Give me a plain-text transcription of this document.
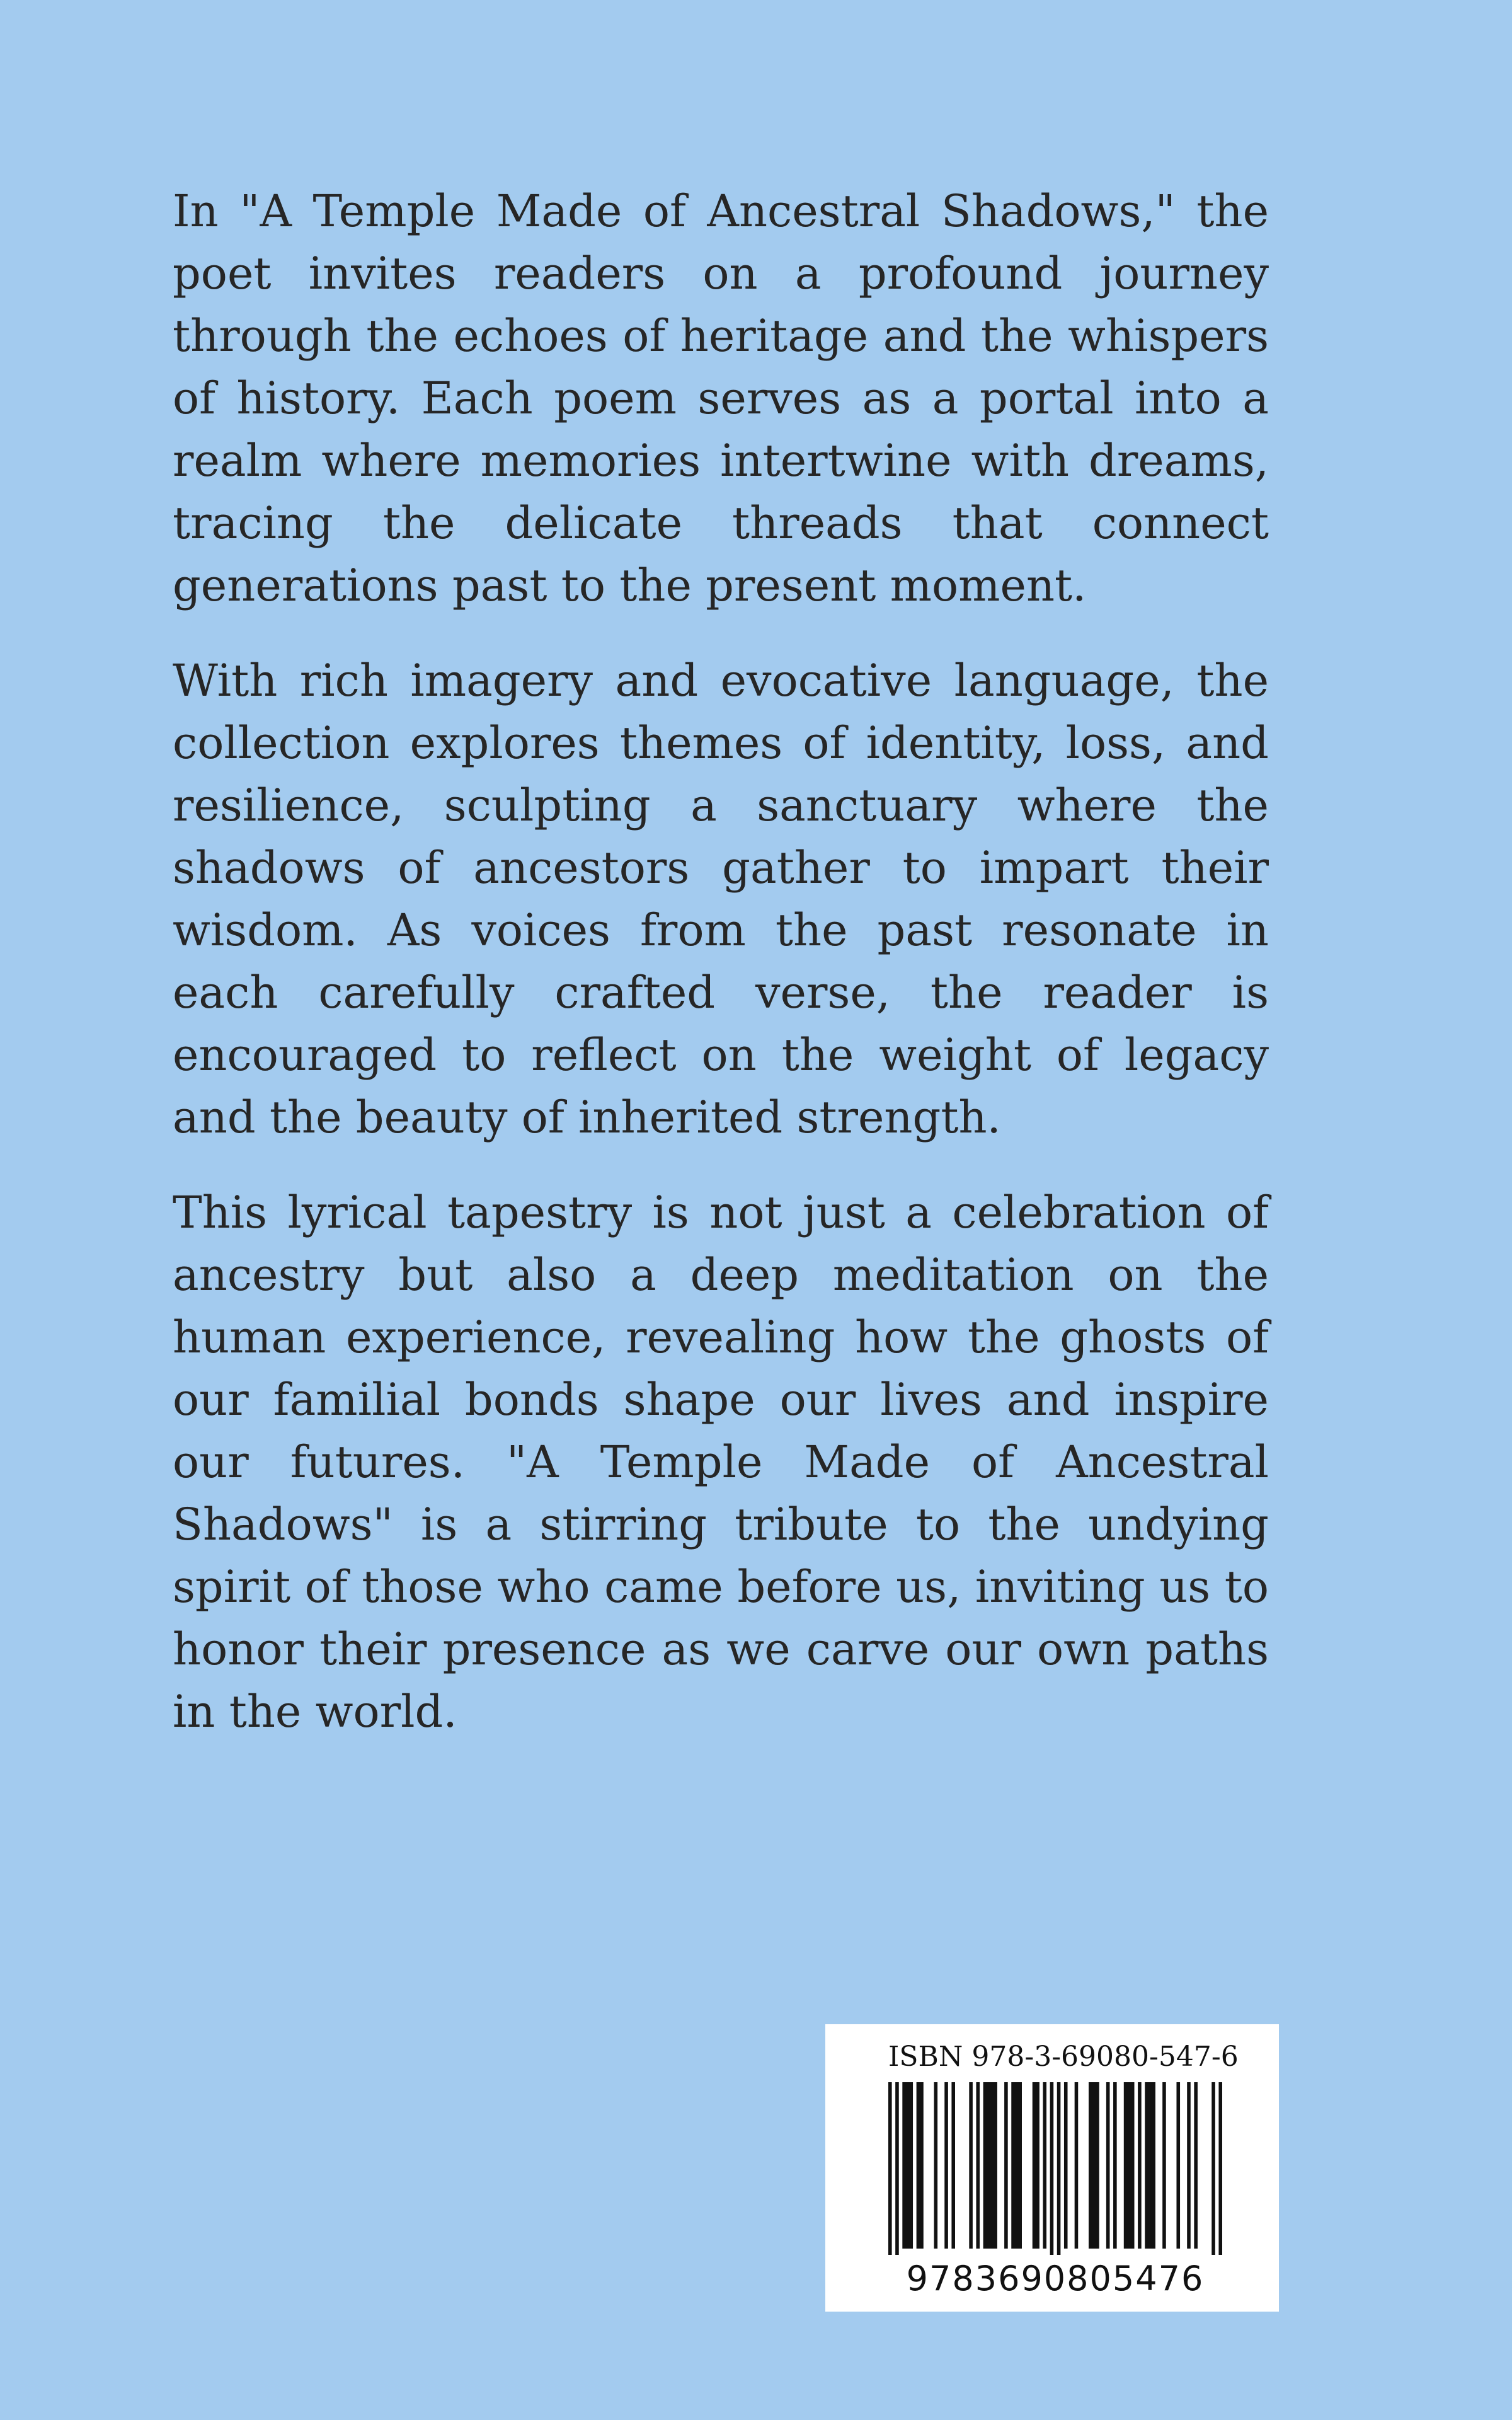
In "A Temple Made of Ancestral Shadows," the poet invites readers on a profound journey through the echoes of heritage and the whispers of history. Each poem serves as a portal into a realm where memories intertwine with dreams, tracing the delicate threads that connect generations past to the present moment.

With rich imagery and evocative language, the collection explores themes of identity, loss, and resilience, sculpting a sanctuary where the shadows of ancestors gather to impart their wisdom. As voices from the past resonate in each carefully crafted verse, the reader is encouraged to reflect on the weight of legacy and the beauty of inherited strength.

This lyrical tapestry is not just a celebration of ancestry but also a deep meditation on the human experience, revealing how the ghosts of our familial bonds shape our lives and inspire our futures. "A Temple Made of Ancestral Shadows" is a stirring tribute to the undying spirit of those who came before us, inviting us to honor their presence as we carve our own paths in the world.

ISBN 978-3-69080-547-6
9783690805476
